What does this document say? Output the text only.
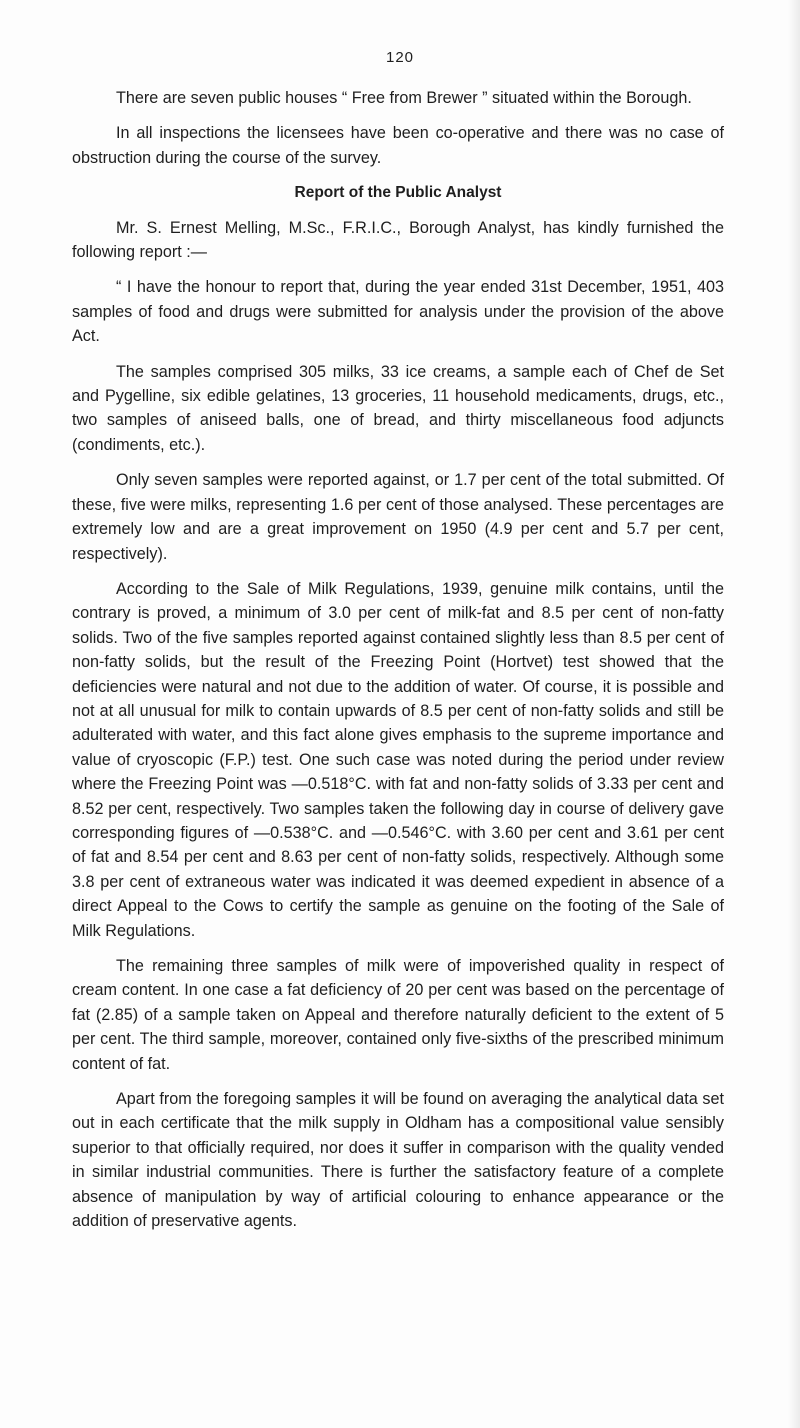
120

There are seven public houses “ Free from Brewer ” situated within the Borough.

In all inspections the licensees have been co-operative and there was no case of obstruction during the course of the survey.

Report of the Public Analyst

Mr. S. Ernest Melling, M.Sc., F.R.I.C., Borough Analyst, has kindly furnished the following report :—

“ I have the honour to report that, during the year ended 31st December, 1951, 403 samples of food and drugs were submitted for analysis under the provision of the above Act.

The samples comprised 305 milks, 33 ice creams, a sample each of Chef de Set and Pygelline, six edible gelatines, 13 groceries, 11 household medicaments, drugs, etc., two samples of aniseed balls, one of bread, and thirty miscellaneous food adjuncts (condiments, etc.).

Only seven samples were reported against, or 1.7 per cent of the total submitted. Of these, five were milks, representing 1.6 per cent of those analysed. These percentages are extremely low and are a great improvement on 1950 (4.9 per cent and 5.7 per cent, respectively).

According to the Sale of Milk Regulations, 1939, genuine milk contains, until the contrary is proved, a minimum of 3.0 per cent of milk-fat and 8.5 per cent of non-fatty solids. Two of the five samples reported against contained slightly less than 8.5 per cent of non-fatty solids, but the result of the Freezing Point (Hortvet) test showed that the deficiencies were natural and not due to the addition of water. Of course, it is possible and not at all unusual for milk to contain upwards of 8.5 per cent of non-fatty solids and still be adulterated with water, and this fact alone gives emphasis to the supreme importance and value of cryoscopic (F.P.) test. One such case was noted during the period under review where the Freezing Point was —0.518°C. with fat and non-fatty solids of 3.33 per cent and 8.52 per cent, respectively. Two samples taken the following day in course of delivery gave corresponding figures of —0.538°C. and —0.546°C. with 3.60 per cent and 3.61 per cent of fat and 8.54 per cent and 8.63 per cent of non-fatty solids, respectively. Although some 3.8 per cent of extraneous water was indicated it was deemed expedient in absence of a direct Appeal to the Cows to certify the sample as genuine on the footing of the Sale of Milk Regulations.

The remaining three samples of milk were of impoverished quality in respect of cream content. In one case a fat deficiency of 20 per cent was based on the percentage of fat (2.85) of a sample taken on Appeal and therefore naturally deficient to the extent of 5 per cent. The third sample, moreover, contained only five-sixths of the prescribed minimum content of fat.

Apart from the foregoing samples it will be found on averaging the analytical data set out in each certificate that the milk supply in Oldham has a compositional value sensibly superior to that officially required, nor does it suffer in comparison with the quality vended in similar industrial communities. There is further the satisfactory feature of a complete absence of manipulation by way of artificial colouring to enhance appearance or the addition of preservative agents.
